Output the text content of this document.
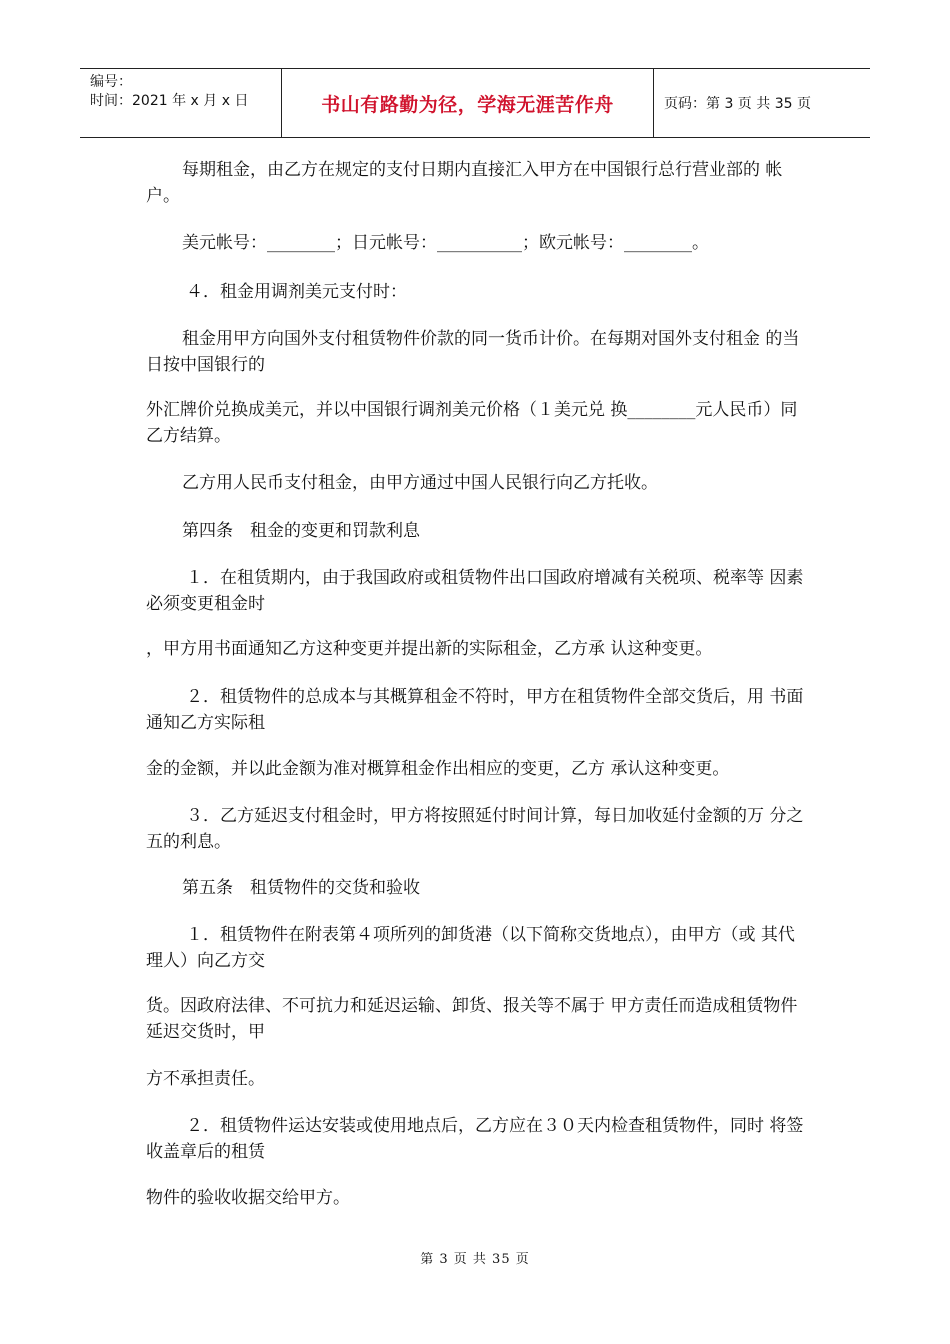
编号：
时间：2021 年 x 月 x 日	书山有路勤为径，学海无涯苦作舟	页码：第 3 页 共 35 页

每期租金，由乙方在规定的支付日期内直接汇入甲方在中国银行总行营业部的 帐户。

美元帐号：________；日元帐号：__________；欧元帐号：________。

４．租金用调剂美元支付时：

租金用甲方向国外支付租赁物件价款的同一货币计价。在每期对国外支付租金 的当日按中国银行的

外汇牌价兑换成美元，并以中国银行调剂美元价格（１美元兑 换________元人民币）同乙方结算。

乙方用人民币支付租金，由甲方通过中国人民银行向乙方托收。

第四条　租金的变更和罚款利息

１．在租赁期内，由于我国政府或租赁物件出口国政府增减有关税项、税率等 因素必须变更租金时

，甲方用书面通知乙方这种变更并提出新的实际租金，乙方承 认这种变更。

２．租赁物件的总成本与其概算租金不符时，甲方在租赁物件全部交货后，用 书面通知乙方实际租

金的金额，并以此金额为准对概算租金作出相应的变更，乙方 承认这种变更。

３．乙方延迟支付租金时，甲方将按照延付时间计算，每日加收延付金额的万 分之五的利息。

第五条　租赁物件的交货和验收

１．租赁物件在附表第４项所列的卸货港（以下简称交货地点），由甲方（或 其代理人）向乙方交

货。因政府法律、不可抗力和延迟运输、卸货、报关等不属于 甲方责任而造成租赁物件延迟交货时，甲

方不承担责任。

２．租赁物件运达安装或使用地点后，乙方应在３０天内检查租赁物件，同时 将签收盖章后的租赁

物件的验收收据交给甲方。

第 3 页 共 35 页
